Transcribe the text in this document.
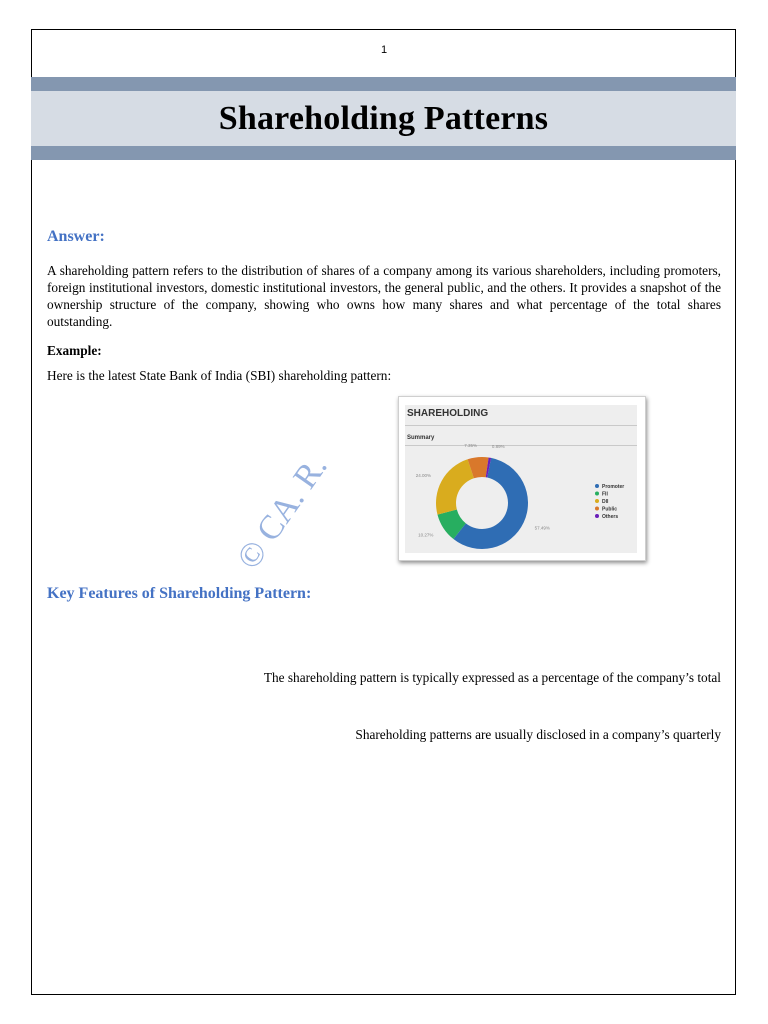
1
Shareholding Patterns

Answer:

A shareholding pattern refers to the distribution of shares of a company among its various shareholders, including promoters, foreign institutional investors, domestic institutional investors, the general public, and the others. It provides a snapshot of the ownership structure of the company, showing who owns how many shares and what percentage of the total shares outstanding.

Example:

Here is the latest State Bank of India (SBI) shareholding pattern:

SHAREHOLDING

Summary

57.49%
10.27%
24.00%
7.35%	0.89%
Promoter
FII
DII
Public
Others
© CA. R.

Key Features of Shareholding Pattern:

The shareholding pattern is typically expressed as a percentage of the company’s total

Shareholding patterns are usually disclosed in a company’s quarterly
